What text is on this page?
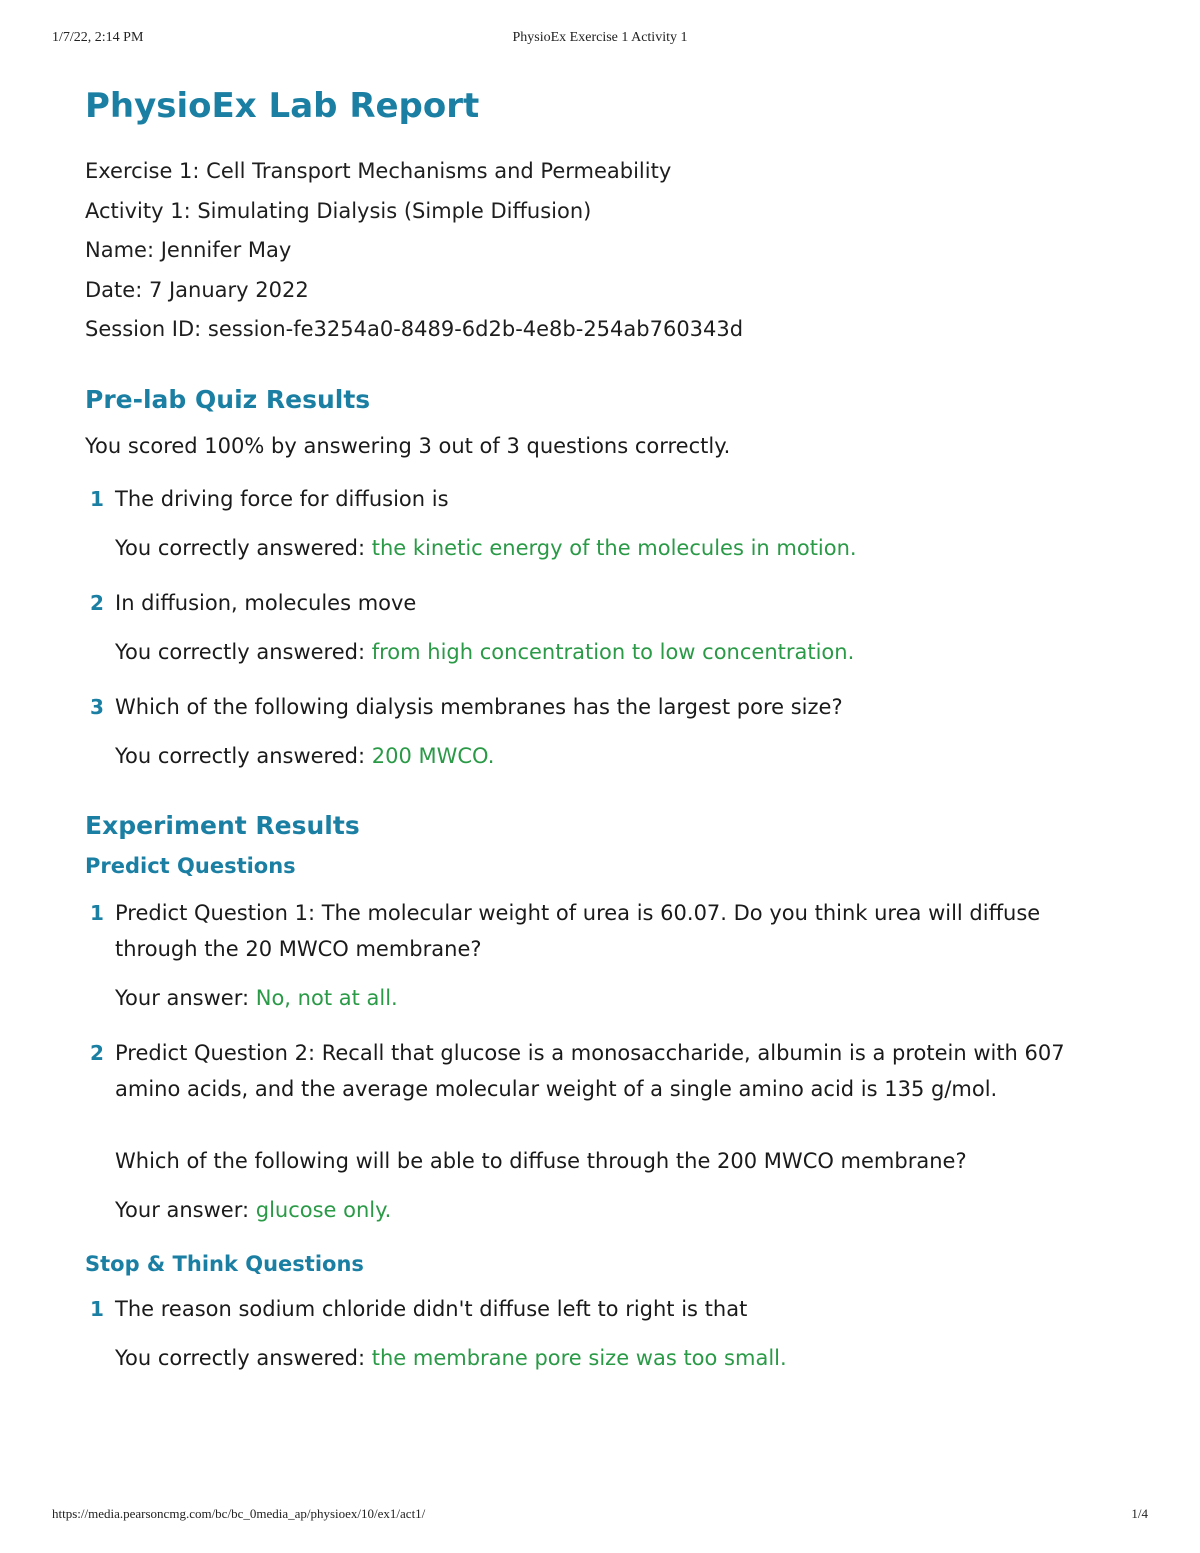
1/7/22, 2:14 PM	PhysioEx Exercise 1 Activity 1
PhysioEx Lab Report
Exercise 1: Cell Transport Mechanisms and Permeability
Activity 1: Simulating Dialysis (Simple Diffusion)
Name: Jennifer May
Date: 7 January 2022
Session ID: session-fe3254a0-8489-6d2b-4e8b-254ab760343d
Pre-lab Quiz Results

You scored 100% by answering 3 out of 3 questions correctly.

1 The driving force for diffusion is
You correctly answered: the kinetic energy of the molecules in motion.
2 In diffusion, molecules move
You correctly answered: from high concentration to low concentration.
3 Which of the following dialysis membranes has the largest pore size?
You correctly answered: 200 MWCO.
Experiment Results
Predict Questions
1 Predict Question 1: The molecular weight of urea is 60.07. Do you think urea will diffuse through the 20 MWCO membrane?
Your answer: No, not at all.
2 Predict Question 2: Recall that glucose is a monosaccharide, albumin is a protein with 607 amino acids, and the average molecular weight of a single amino acid is 135 g/mol.
Which of the following will be able to diffuse through the 200 MWCO membrane?
Your answer: glucose only.
Stop & Think Questions
1 The reason sodium chloride didn't diffuse left to right is that
You correctly answered: the membrane pore size was too small.
https://media.pearsoncmg.com/bc/bc_0media_ap/physioex/10/ex1/act1/	1/4
